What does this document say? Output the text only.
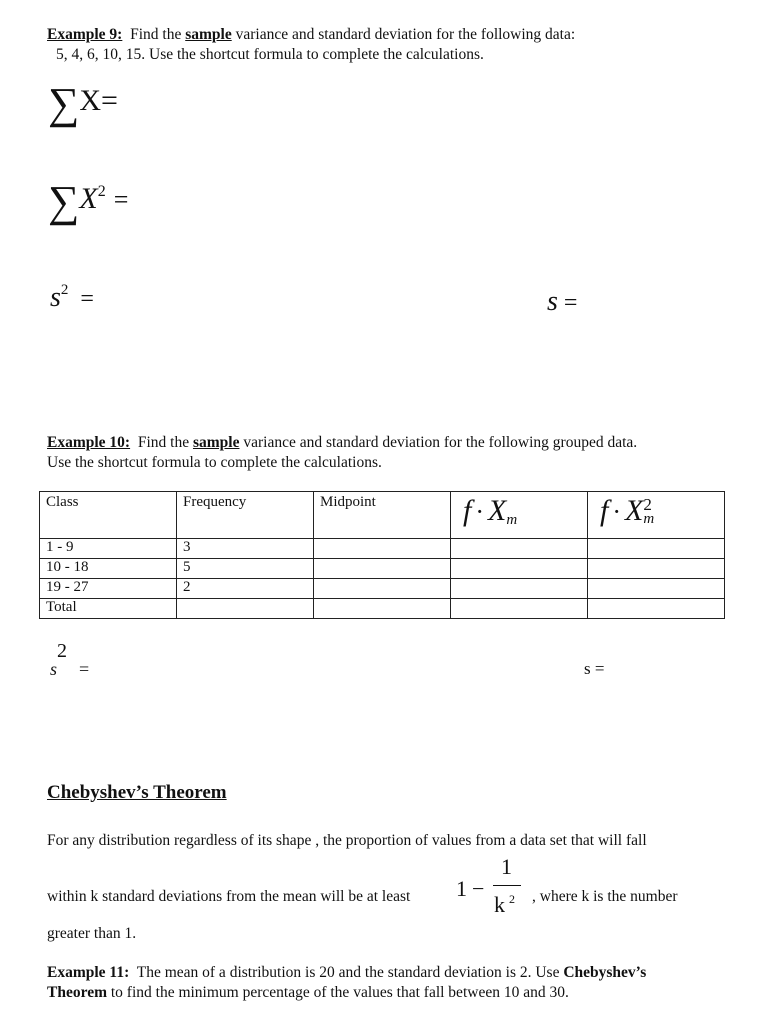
Example 9: Find the sample variance and standard deviation for the following data:
5, 4, 6, 10, 15. Use the shortcut formula to complete the calculations.
∑X=
$\sum X^2$ =
$s^2$ =	s =
Example 10: Find the sample variance and standard deviation for the following grouped data.
Use the shortcut formula to complete the calculations.
Class	Frequency	Midpoint	$f \cdot X_m$	f · X 2
m

1 - 9	3			
10 - 18	5			
19 - 27	2			
Total				
s2=	s =
Chebyshev’s Theorem
For any distribution regardless of its shape , the proportion of values from a data set that will fall
within k standard deviations from the mean will be at least 1 −
1
k 2 , where k is the number
greater than 1.
Example 11: The mean of a distribution is 20 and the standard deviation is 2. Use Chebyshev’s
Theorem to find the minimum percentage of the values that fall between 10 and 30.
